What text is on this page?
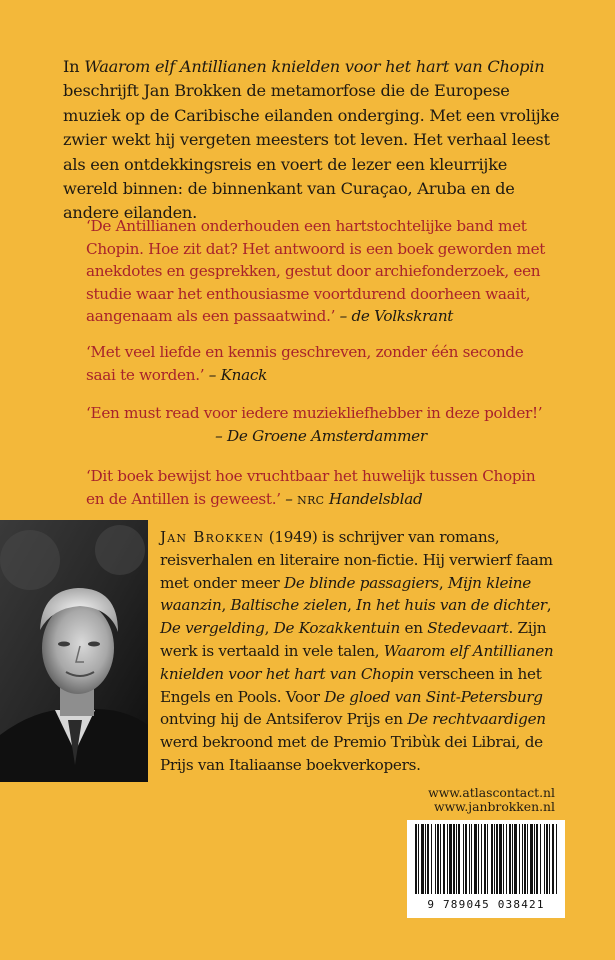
In Waarom elf Antillianen knielden voor het hart van Chopin beschrijft Jan Brokken de metamorfose die de Europese muziek op de Caribische eilanden onderging. Met een vrolijke zwier wekt hij vergeten meesters tot leven. Het verhaal leest als een ontdekkingsreis en voert de lezer een kleurrijke wereld binnen: de binnenkant van Curaçao, Aruba en de andere eilanden.

‘De Antillianen onderhouden een hartstochtelijke band met Chopin. Hoe zit dat? Het antwoord is een boek geworden met anekdotes en gesprekken, gestut door archiefonderzoek, een studie waar het enthousiasme voortdurend doorheen waait, aangenaam als een passaatwind.’ – de Volkskrant

‘Met veel liefde en kennis geschreven, zonder één seconde saai te worden.’ – Knack

‘Een must read voor iedere muziekliefhebber in deze polder!’
– De Groene Amsterdammer

‘Dit boek bewijst hoe vruchtbaar het huwelijk tussen Chopin en de Antillen is geweest.’ – nrc Handelsblad

Jan Brokken (1949) is schrijver van romans, reisverhalen en literaire non-fictie. Hij verwierf faam met onder meer De blinde passagiers, Mijn kleine waanzin, Baltische zielen, In het huis van de dichter, De vergelding, De Kozakkentuin en Stedevaart. Zijn werk is vertaald in vele talen, Waarom elf Antillianen knielden voor het hart van Chopin verscheen in het Engels en Pools. Voor De gloed van Sint-Petersburg ontving hij de Antsiferov Prijs en De rechtvaardigen werd bekroond met de Premio Tribùk dei Librai, de Prijs van Italiaanse boekverkopers.

www.atlascontact.nl
www.janbrokken.nl
9 789045 038421
